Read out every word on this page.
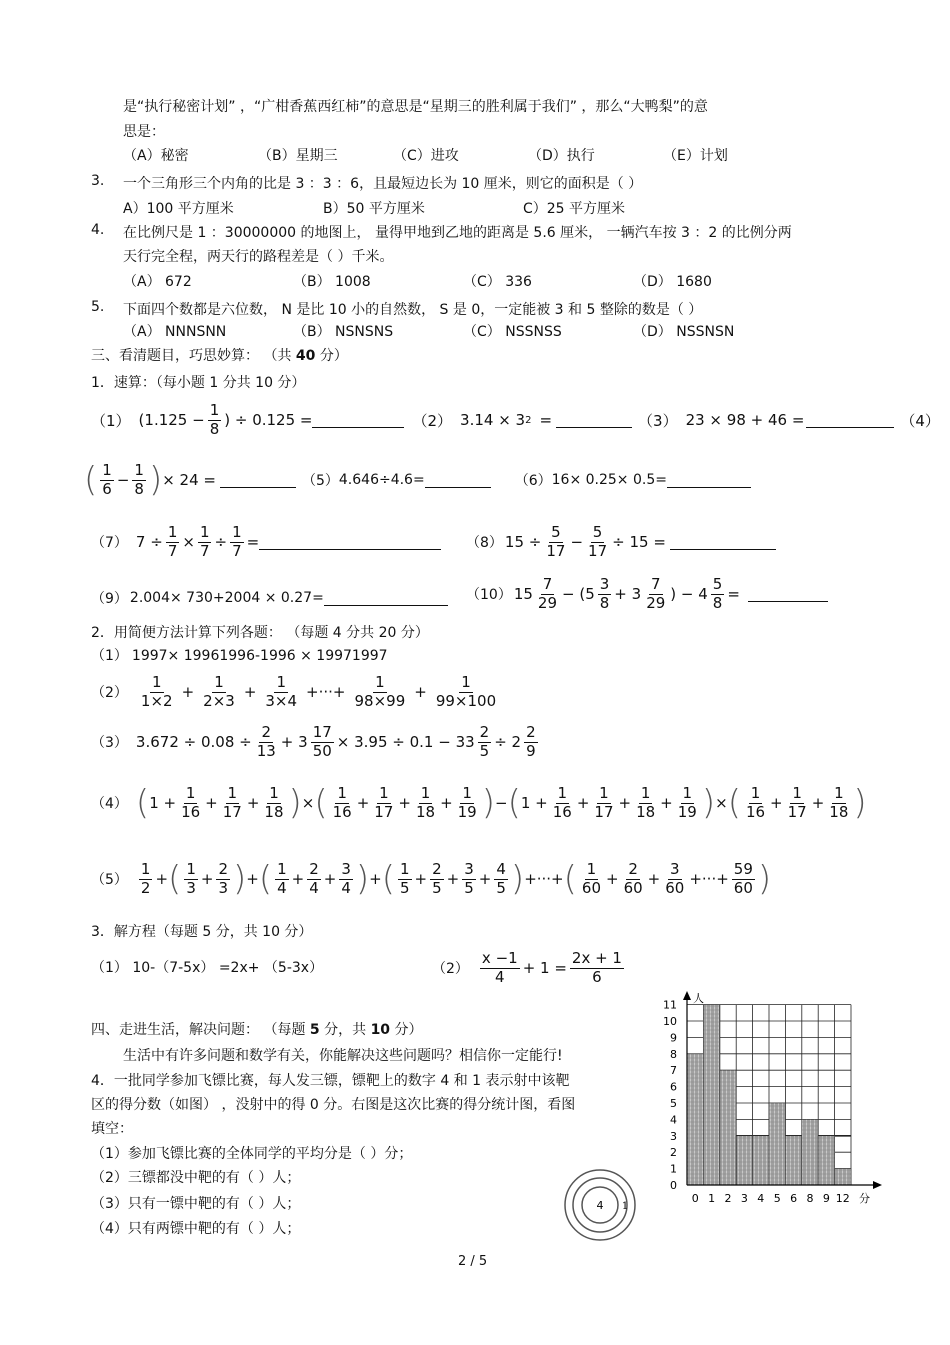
是“执行秘密计划” ，“广柑香蕉西红柿”的意思是“星期三的胜利属于我们” ，那么“大鸭梨”的意
思是：
（A）秘密	（B）星期三	（C）进攻	（D）执行	（E）计划
3. 一个三角形三个内角的比是 3 ：3 ：6，且最短边长为 10 厘米，则它的面积是（ ）
A）100 平方厘米	B）50 平方厘米	C）25 平方厘米
4. 在比例尺是 1 ：30000000 的地图上， 量得甲地到乙地的距离是 5.6 厘米， 一辆汽车按 3 ：2 的比例分两
天行完全程，两天行的路程差是（ ）千米。
（A） 672	（B） 1008	（C） 336	（D） 1680
5. 下面四个数都是六位数， N 是比 10 小的自然数， S 是 0，一定能被 3 和 5 整除的数是（ ）
（A） NNNSNN	（B） NSNSNS	（C） NSSNSS	（D） NSSNSN
三、看清题目，巧思妙算： （共 40 分）
1．速算：（每小题 1 分共 10 分）
（1） ($1.125 - \frac{1}{8}$ ) ÷ 0.125 =	（2） 3.14 × 3 2 =	（3） 23 × 98 + 46 =	（4）
( $\frac{1}{6} - \frac{1}{8}$ ) × 24 =	（5） 4.646÷4.6=	（6） 16× 0.25× 0.5=
（7） $7 \div \frac{1}{7} \times \frac{1}{7} \div \frac{1}{7}$ =	（8） $15 \div \frac{5}{17} - \frac{5}{17} \div 15$ =
（9） 2.004× 730+2004 × 0.27=	（10） $15 \frac{7}{29} - (5 \frac{3}{8} + 3 \frac{7}{29}$ ) − $4 \frac{5}{8}$ =
2．用简便方法计算下列各题： （每题 4 分共 20 分）
（1） 1997× 19961996-1996 × 19971997
$(2) \frac{1}{1\times 2} + \frac{1}{2\times 3} + \frac{1}{3\times 4}$ +···+ $\frac{1}{98\times 99} + \frac{1}{99\times 100}$
（3） $3.672 \div 0.08 \div \frac{2}{13} + 3 \frac{17}{50} \times 3.95 \div 0.1 - 33 \frac{2}{5} \div 2 \frac{2}{9}$
（4） ( $1 + \frac{1}{16} + \frac{1}{17} + \frac{1}{18}$ ) × ( $\frac{1}{16} + \frac{1}{17} + \frac{1}{18} + \frac{1}{19}$ ) − ( $1 + \frac{1}{16} + \frac{1}{17} + \frac{1}{18} + \frac{1}{19}$ ) × ( $\frac{1}{16} + \frac{1}{17} + \frac{1}{18}$ )
$(5) \frac{1}{2}$ + ( $\frac{1}{3} + \frac{2}{3}$ ) + ( $\frac{1}{4} + \frac{2}{4} + \frac{3}{4}$ ) + ( $\frac{1}{5} + \frac{2}{5} + \frac{3}{5} + \frac{4}{5}$ ) +···+ ( $\frac{1}{60} + \frac{2}{60} + \frac{3}{60}$ +···+ $\frac{59}{60}$ )
3．解方程（每题 5 分，共 10 分）
（1） 10-（7-5x） =2x+ （5-3x）	$(2) \frac{x -1}{4} + 1 = \frac{2x + 1}{6}$
四、走进生活，解决问题： （每题 5 分，共 10 分）
生活中有许多问题和数学有关，你能解决这些问题吗？相信你一定能行!
4．一批同学参加飞镖比赛，每人发三镖，镖靶上的数字 4 和 1 表示射中该靶
区的得分数（如图） ，没射中的得 0 分。右图是这次比赛的得分统计图，看图
填空：
（1）参加飞镖比赛的全体同学的平均分是（ ）分；
（2）三镖都没中靶的有（ ）人；
（3）只有一镖中靶的有（ ）人；
（4）只有两镖中靶的有（ ）人；
4 1
0
1
2
3
4
5
6
7
8
9
10
11
0 1 2 3 4 5 6 8 9 12
人
分
2 / 5
